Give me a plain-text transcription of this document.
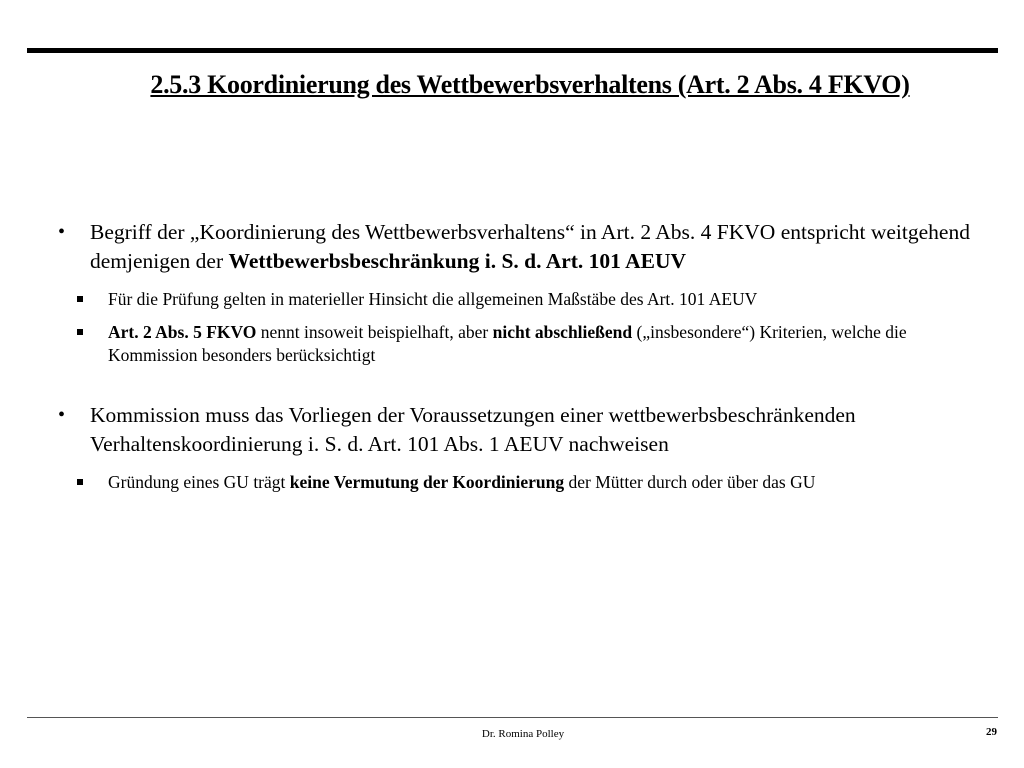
2.5.3 Koordinierung des Wettbewerbsverhaltens (Art. 2 Abs. 4 FKVO)
• Begriff der „Koordinierung des Wettbewerbsverhaltens“ in Art. 2 Abs. 4 FKVO entspricht weitgehend demjenigen der Wettbewerbsbeschränkung i. S. d. Art. 101 AEUV
Für die Prüfung gelten in materieller Hinsicht die allgemeinen Maßstäbe des Art. 101 AEUV
Art. 2 Abs. 5 FKVO nennt insoweit beispielhaft, aber nicht abschließend („insbesondere“) Kriterien, welche die Kommission besonders berücksichtigt
• Kommission muss das Vorliegen der Voraussetzungen einer wettbewerbsbeschränkenden Verhaltenskoordinierung i. S. d. Art. 101 Abs. 1 AEUV nachweisen
Gründung eines GU trägt keine Vermutung der Koordinierung der Mütter durch oder über das GU
Dr. Romina Polley	29
